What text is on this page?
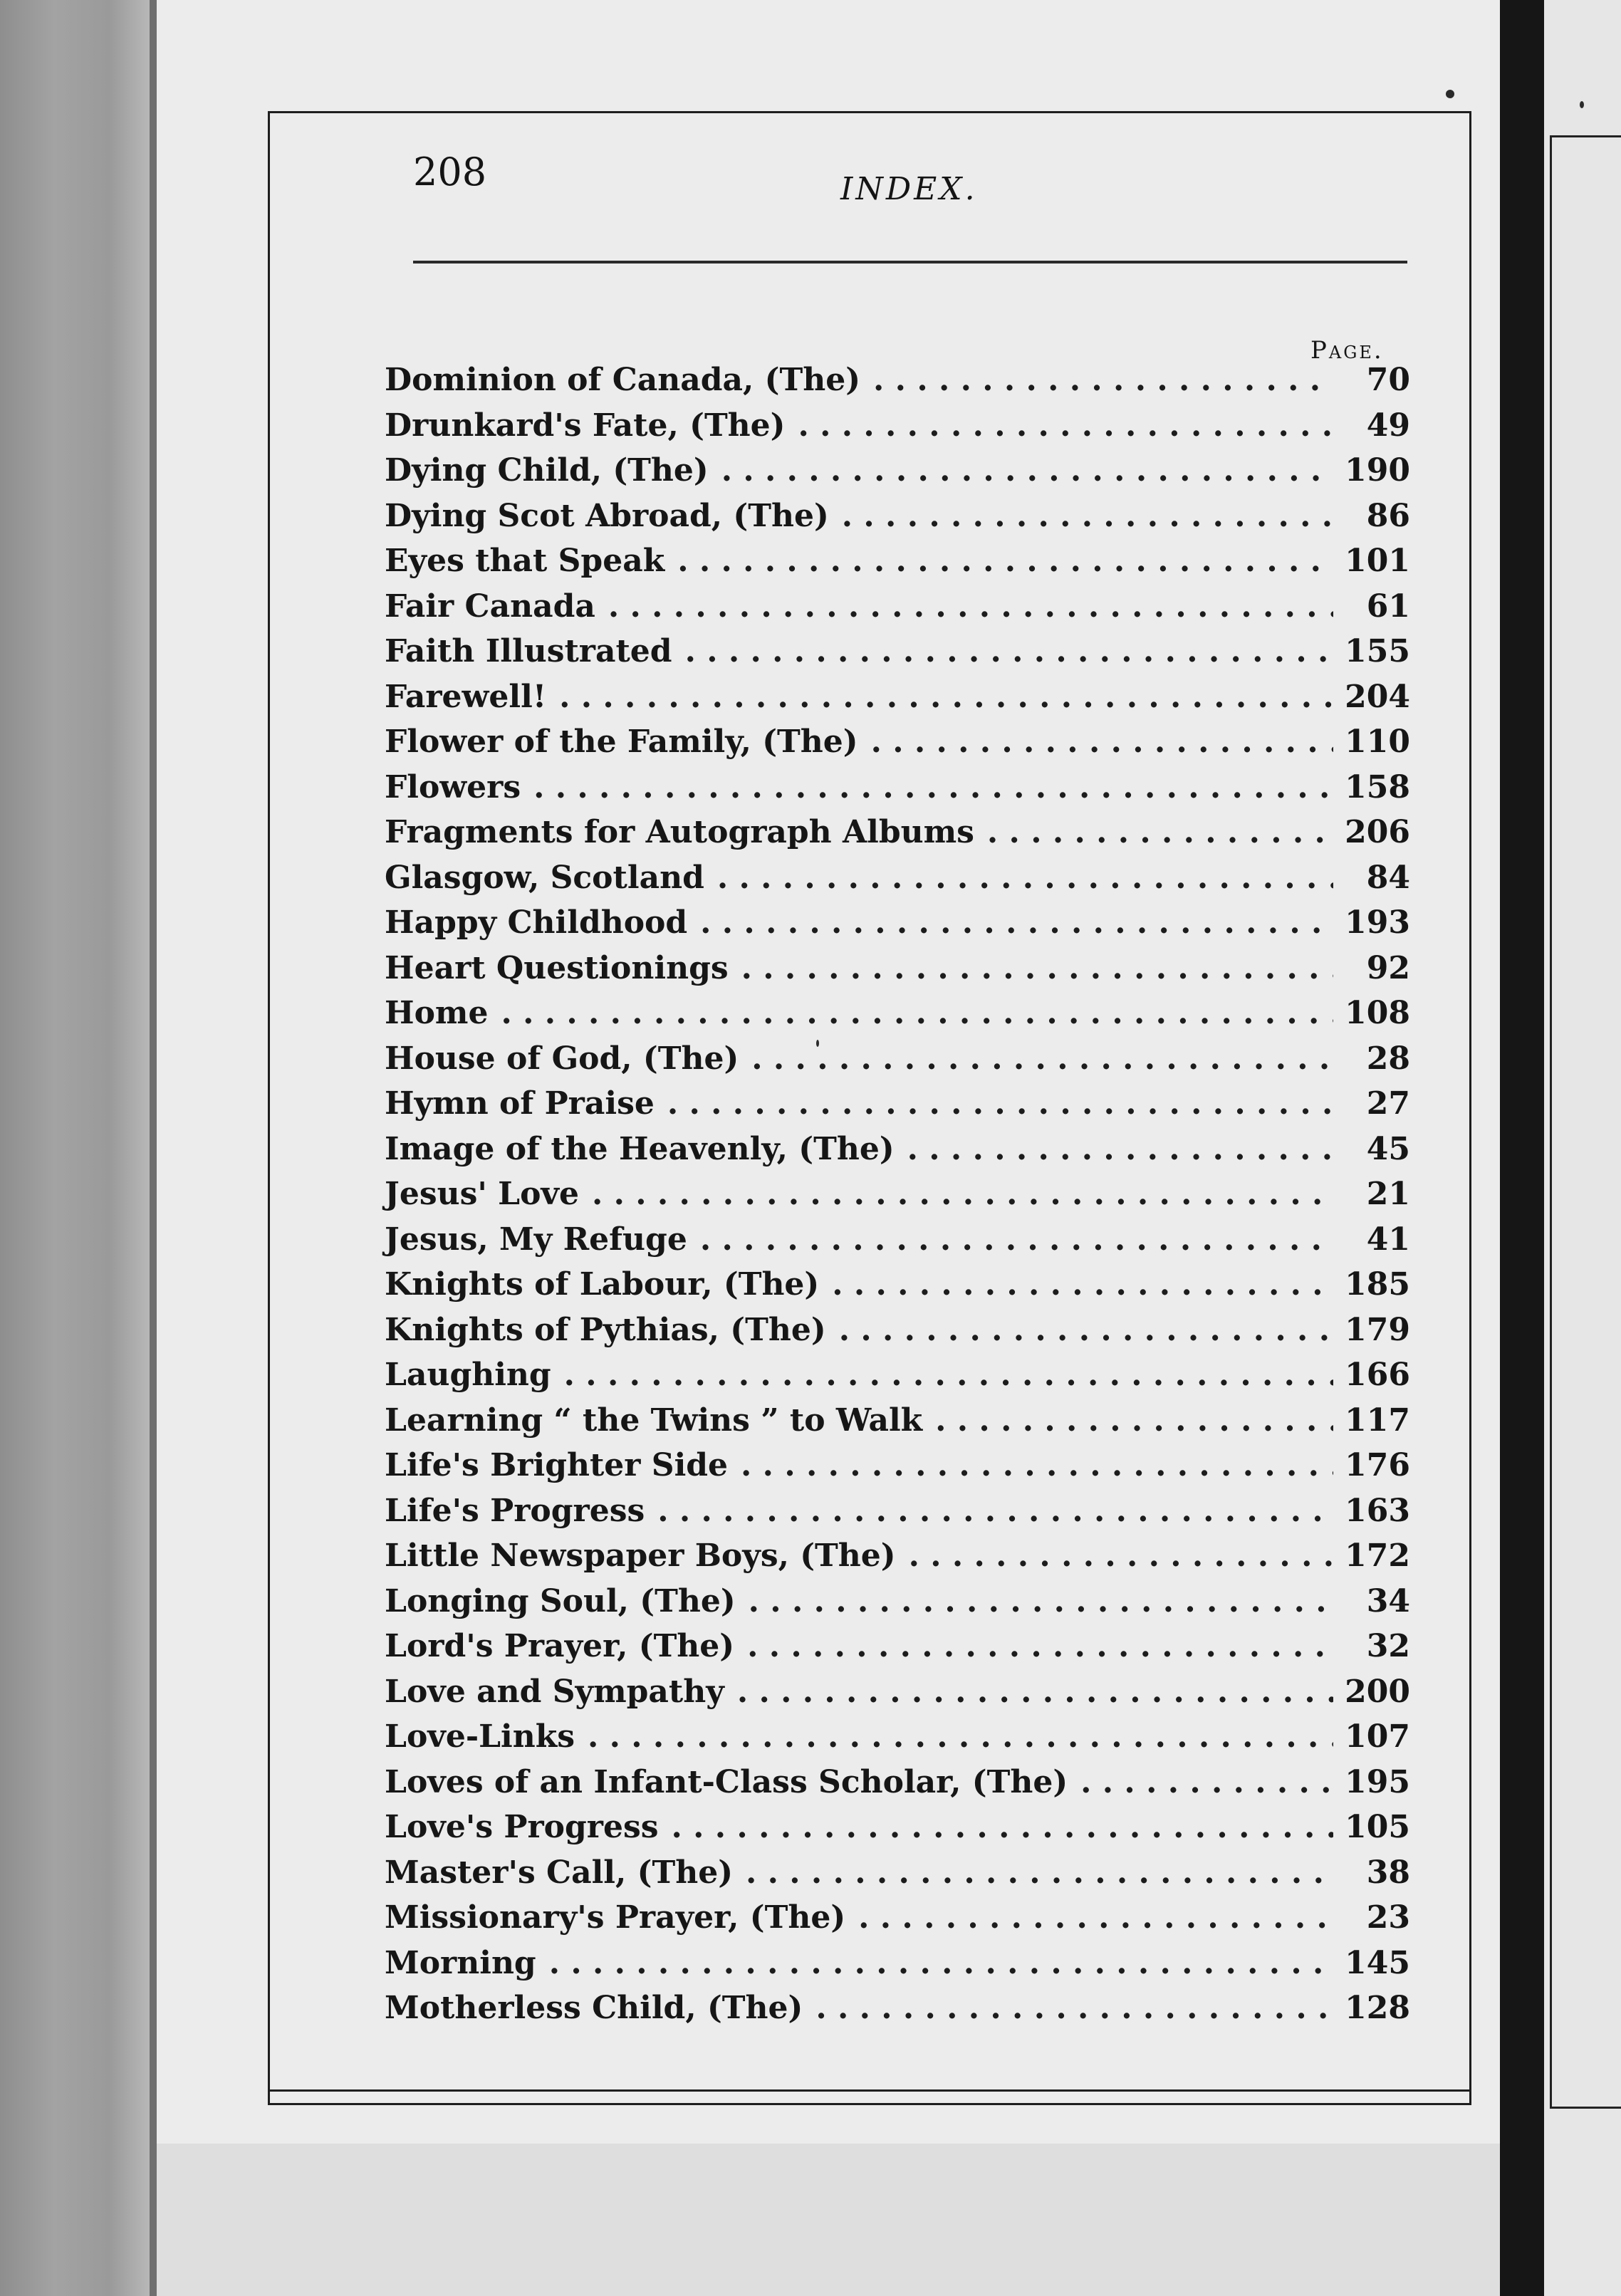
208	INDEX.
Page.
Dominion of Canada, (The) . . .	70
Drunkard's Fate, (The) . . .	49
Dying Child, (The) . . .	190
Dying Scot Abroad, (The) . . .	86
Eyes that Speak . . .	101
Fair Canada . . .	61
Faith Illustrated . . .	155
Farewell! . . .	204
Flower of the Family, (The) . . .	110
Flowers . . .	158
Fragments for Autograph Albums . . .	206
Glasgow, Scotland . . .	84
Happy Childhood . . .	193
Heart Questionings . . .	92
Home . . .	108
House of God, (The) . . .	28
Hymn of Praise . . .	27
Image of the Heavenly, (The) . . .	45
Jesus' Love . . .	21
Jesus, My Refuge . . .	41
Knights of Labour, (The) . . .	185
Knights of Pythias, (The) . . .	179
Laughing . . .	166
Learning “ the Twins ” to Walk . . .	117
Life's Brighter Side . . .	176
Life's Progress . . .	163
Little Newspaper Boys, (The) . . .	172
Longing Soul, (The) . . .	34
Lord's Prayer, (The) . . .	32
Love and Sympathy . . .	200
Love-Links . . .	107
Loves of an Infant-Class Scholar, (The) . . .	195
Love's Progress . . .	105
Master's Call, (The) . . .	38
Missionary's Prayer, (The) . . .	23
Morning . . .	145
Motherless Child, (The) . . .	128
